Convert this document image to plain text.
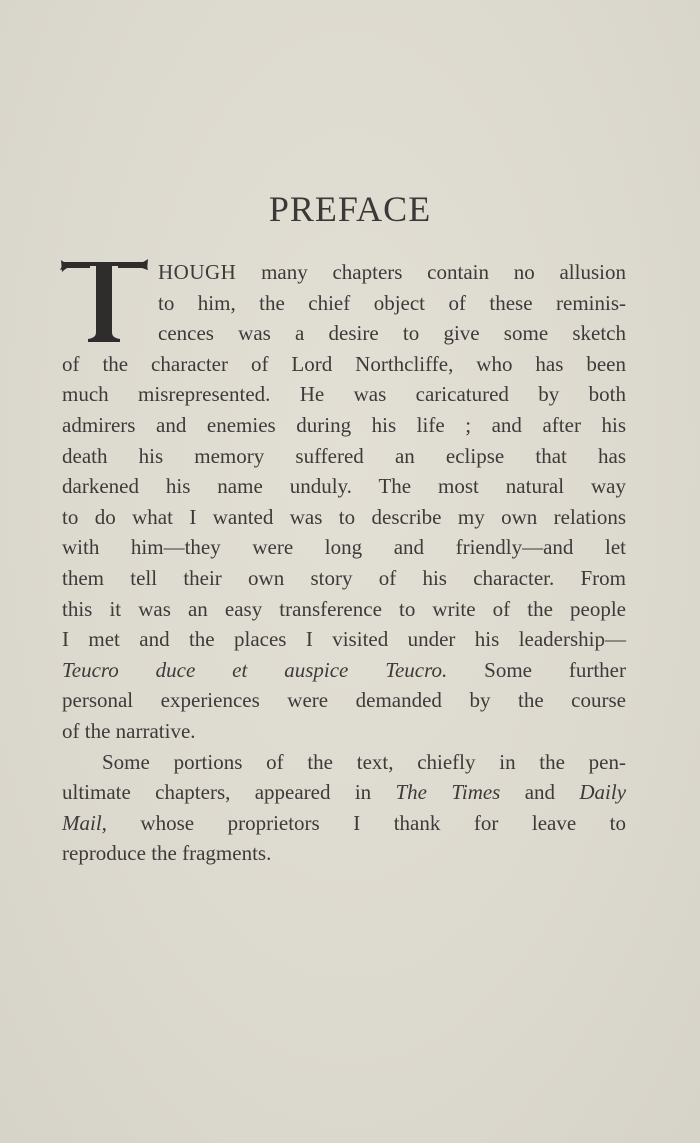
PREFACE
HOUGH many chapters contain no allusion
to him, the chief object of these reminis-
cences was a desire to give some sketch
of the character of Lord Northcliffe, who has been
much misrepresented. He was caricatured by both
admirers and enemies during his life ; and after his
death his memory suffered an eclipse that has
darkened his name unduly. The most natural way
to do what I wanted was to describe my own relations
with him—they were long and friendly—and let
them tell their own story of his character. From
this it was an easy transference to write of the people
I met and the places I visited under his leadership—
Teucro duce et auspice Teucro. Some further
personal experiences were demanded by the course
of the narrative.
Some portions of the text, chiefly in the pen-
ultimate chapters, appeared in The Times and Daily
Mail, whose proprietors I thank for leave to
reproduce the fragments.
